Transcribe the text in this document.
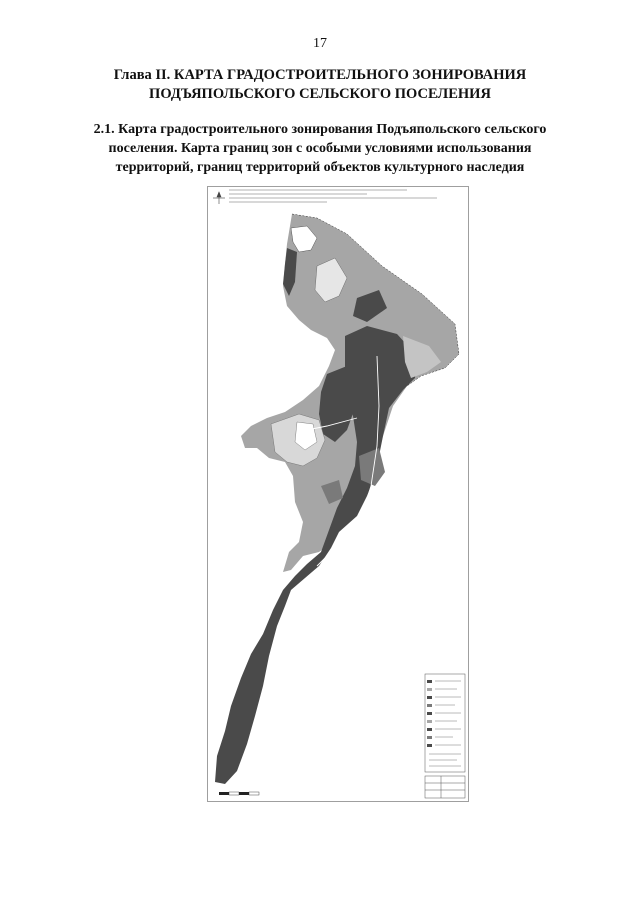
17
Глава II. КАРТА ГРАДОСТРОИТЕЛЬНОГО ЗОНИРОВАНИЯ
ПОДЪЯПОЛЬСКОГО СЕЛЬСКОГО ПОСЕЛЕНИЯ
2.1. Карта градостроительного зонирования Подъяпольского сельского
поселения. Карта границ зон с особыми условиями использования
территорий, границ территорий объектов культурного наследия
